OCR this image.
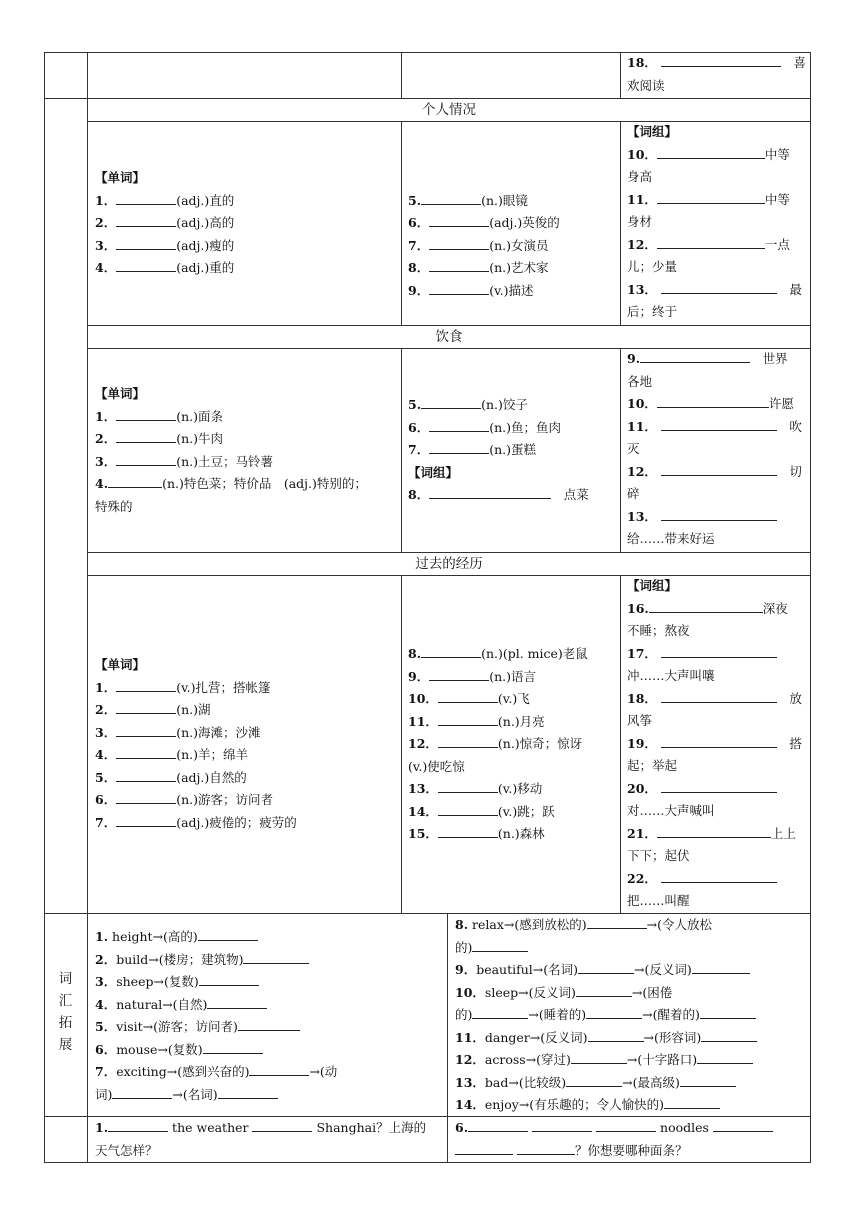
18． 　	喜
欢阅读
个人情况
【单词】
1．	(adj.)直的
2．	(adj.)高的
3．	(adj.)瘦的
4．	(adj.)重的

5.	(n.)眼镜
6．	(adj.)英俊的
7．	(n.)女演员
8．	(n.)艺术家
9．	(v.)描述
【词组】
10．	中等
身高
11．	中等
身材
12．	一点
儿；少量
13． 　	最
后；终于
饮食
【单词】
1．	(n.)面条
2．	(n.)牛肉
3．	(n.)土豆；马铃薯
4.	(n.)特色菜；特价品　(adj.)特别的；
特殊的
5.	(n.)饺子
6．	(n.)鱼；鱼肉
7．	(n.)蛋糕
【词组】
8．　	点菜
9.　	世界
各地
10．	许愿
11． 　	吹
灭
12． 　	切
碎
13．
给……带来好运
过去的经历
【单词】
1．	(v.)扎营；搭帐篷
2．	(n.)湖
3．	(n.)海滩；沙滩
4．	(n.)羊；绵羊
5．	(adj.)自然的
6．	(n.)游客；访问者
7．	(adj.)疲倦的；疲劳的
8.	(n.)(pl. mice)老鼠
9．	(n.)语言
10．	(v.)飞
11．	(n.)月亮
12．	(n.)惊奇；惊讶
(v.)使吃惊
13．	(v.)移动
14．	(v.)跳；跃
15．	(n.)森林
【词组】
16.	深夜
不睡；熬夜
17．
冲……大声叫嚷
18． 　	放
风筝
19． 　	搭
起；举起
20．
对……大声喊叫
21．	上上
下下；起伏
22．
把……叫醒
词
汇
拓
展
1. height→(高的)
2．build→(楼房；建筑物)
3．sheep→(复数)
4．natural→(自然)
5．visit→(游客；访问者)
6．mouse→(复数)
7．exciting→(感到兴奋的)	→(动
词)	→(名词)
8. relax→(感到放松的)	→(令人放松
的)
9．beautiful→(名词)	→(反义词)
10．sleep→(反义词)	→(困倦
的)	→(睡着的)	→(醒着的)
11．danger→(反义词)	→(形容词)
12．across→(穿过)	→(十字路口)
13．bad→(比较级)	→(最高级)
14．enjoy→(有乐趣的；令人愉快的)
1.	the weather	Shanghai？上海的
天气怎样？
6.	noodles
？你想要哪种面条？
